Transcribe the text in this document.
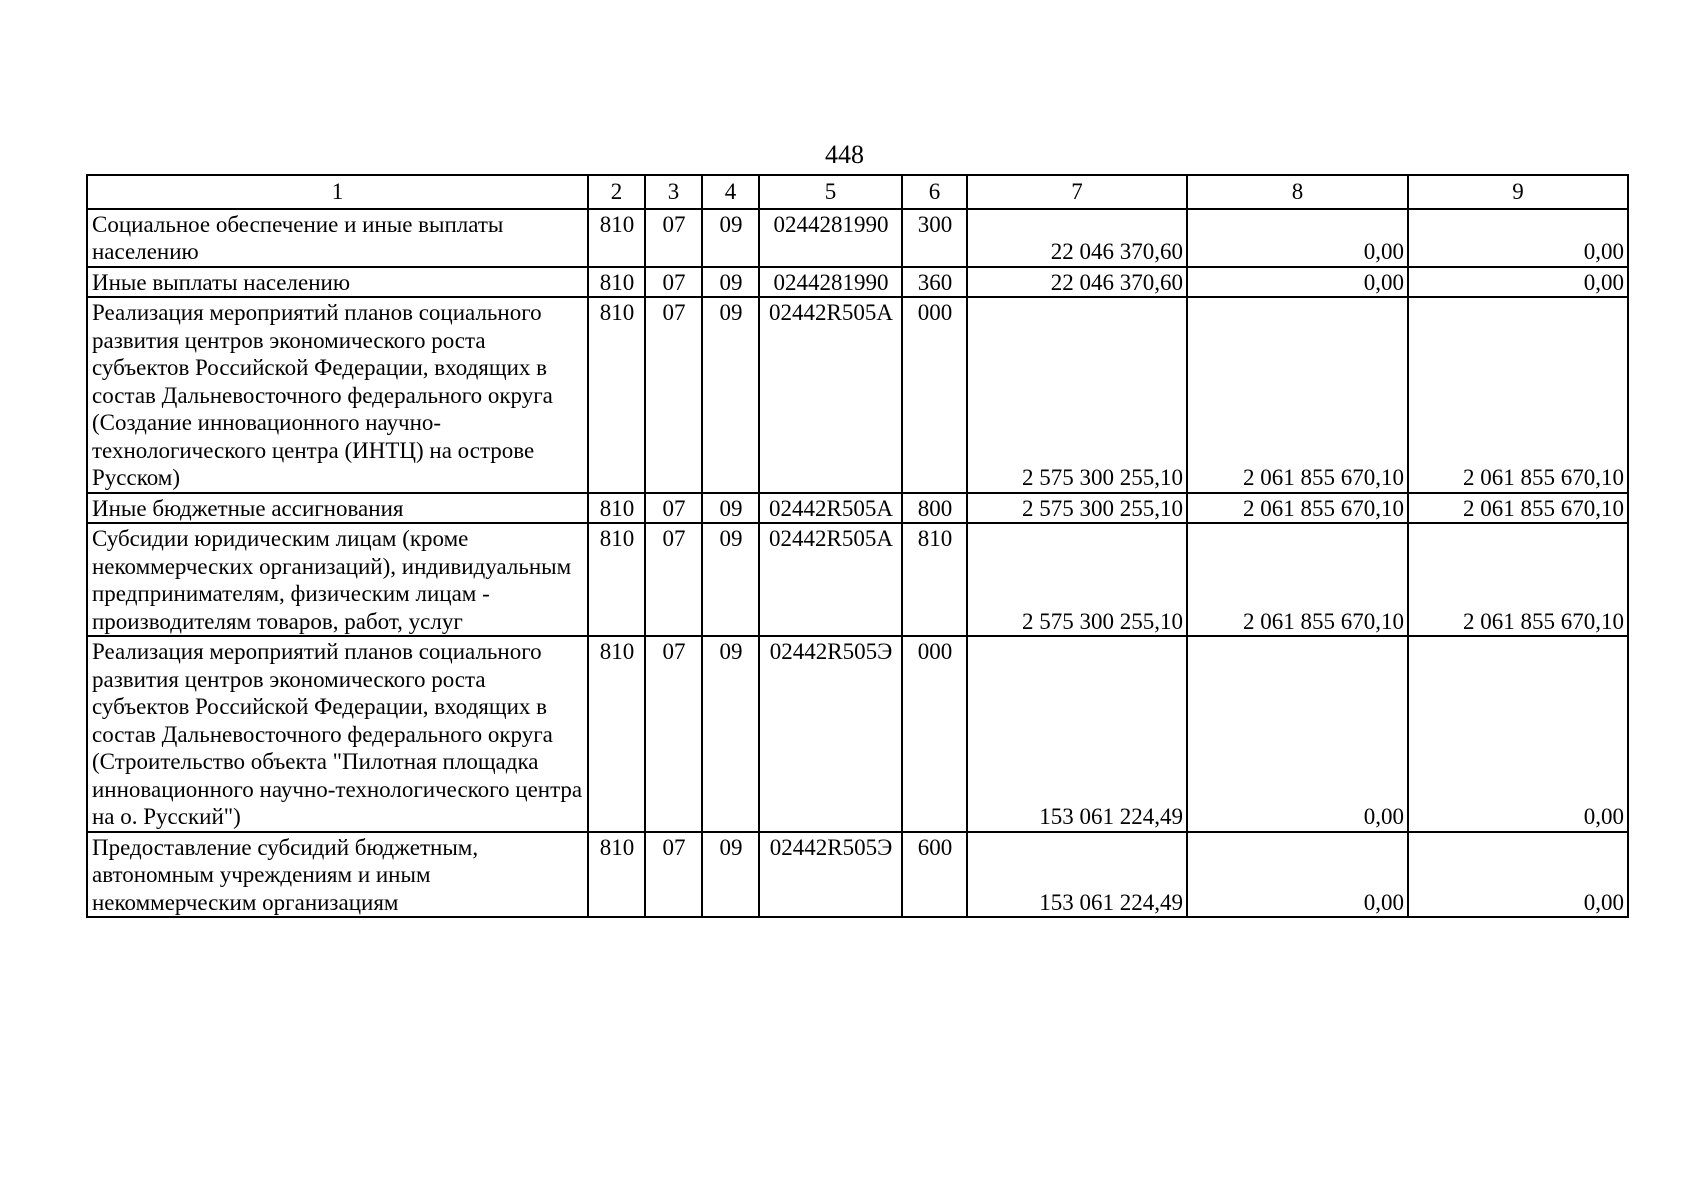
448
1	2	3	4	5	6	7	8	9
Социальное обеспечение и иные выплаты населению	810	07	09	0244281990	300	22 046 370,60	0,00	0,00
Иные выплаты населению	810	07	09	0244281990	360	22 046 370,60	0,00	0,00
Реализация мероприятий планов социального развития центров экономического роста субъектов Российской Федерации, входящих в состав Дальневосточного федерального округа (Создание инновационного научно-технологического центра (ИНТЦ) на острове Русском)	810	07	09	02442R505A	000	2 575 300 255,10	2 061 855 670,10	2 061 855 670,10
Иные бюджетные ассигнования	810	07	09	02442R505A	800	2 575 300 255,10	2 061 855 670,10	2 061 855 670,10
Субсидии юридическим лицам (кроме некоммерческих организаций), индивидуальным предпринимателям, физическим лицам - производителям товаров, работ, услуг	810	07	09	02442R505A	810	2 575 300 255,10	2 061 855 670,10	2 061 855 670,10
Реализация мероприятий планов социального развития центров экономического роста субъектов Российской Федерации, входящих в состав Дальневосточного федерального округа (Строительство объекта "Пилотная площадка инновационного научно-технологического центра на о. Русский")	810	07	09	02442R505Э	000	153 061 224,49	0,00	0,00
Предоставление субсидий бюджетным, автономным учреждениям и иным некоммерческим организациям	810	07	09	02442R505Э	600	153 061 224,49	0,00	0,00
